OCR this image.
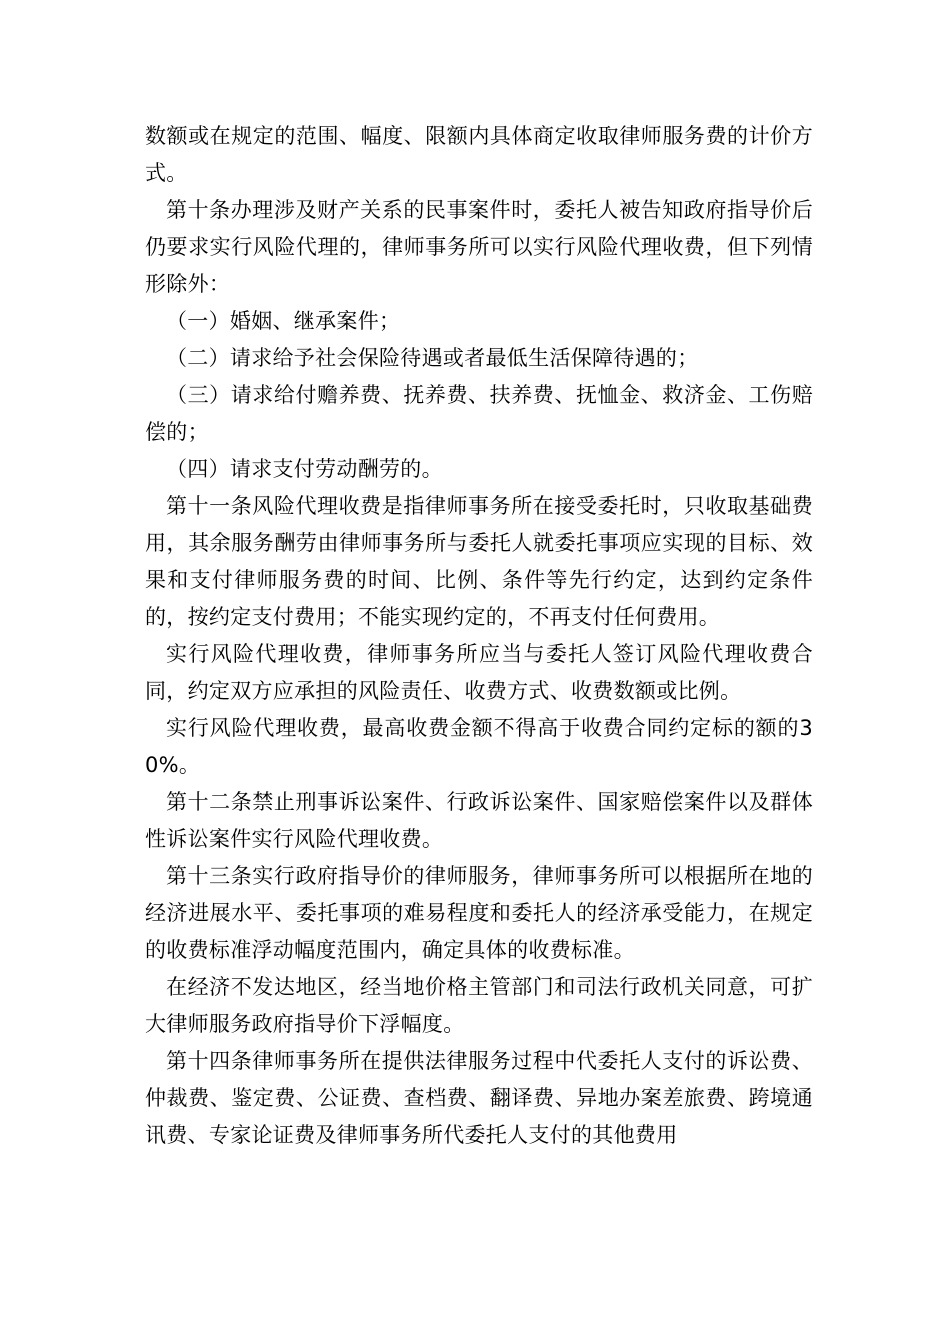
数额或在规定的范围、幅度、限额内具体商定收取律师服务费的计价方式。

第十条办理涉及财产关系的民事案件时，委托人被告知政府指导价后仍要求实行风险代理的，律师事务所可以实行风险代理收费，但下列情形除外：

（一）婚姻、继承案件；

（二）请求给予社会保险待遇或者最低生活保障待遇的；

（三）请求给付赡养费、抚养费、扶养费、抚恤金、救济金、工伤赔偿的；

（四）请求支付劳动酬劳的。

第十一条风险代理收费是指律师事务所在接受委托时，只收取基础费用，其余服务酬劳由律师事务所与委托人就委托事项应实现的目标、效果和支付律师服务费的时间、比例、条件等先行约定，达到约定条件的，按约定支付费用；不能实现约定的，不再支付任何费用。

实行风险代理收费，律师事务所应当与委托人签订风险代理收费合同，约定双方应承担的风险责任、收费方式、收费数额或比例。

实行风险代理收费，最高收费金额不得高于收费合同约定标的额的30%。

第十二条禁止刑事诉讼案件、行政诉讼案件、国家赔偿案件以及群体性诉讼案件实行风险代理收费。

第十三条实行政府指导价的律师服务，律师事务所可以根据所在地的经济进展水平、委托事项的难易程度和委托人的经济承受能力，在规定的收费标准浮动幅度范围内，确定具体的收费标准。

在经济不发达地区，经当地价格主管部门和司法行政机关同意，可扩大律师服务政府指导价下浮幅度。

第十四条律师事务所在提供法律服务过程中代委托人支付的诉讼费、仲裁费、鉴定费、公证费、查档费、翻译费、异地办案差旅费、跨境通讯费、专家论证费及律师事务所代委托人支付的其他费用
